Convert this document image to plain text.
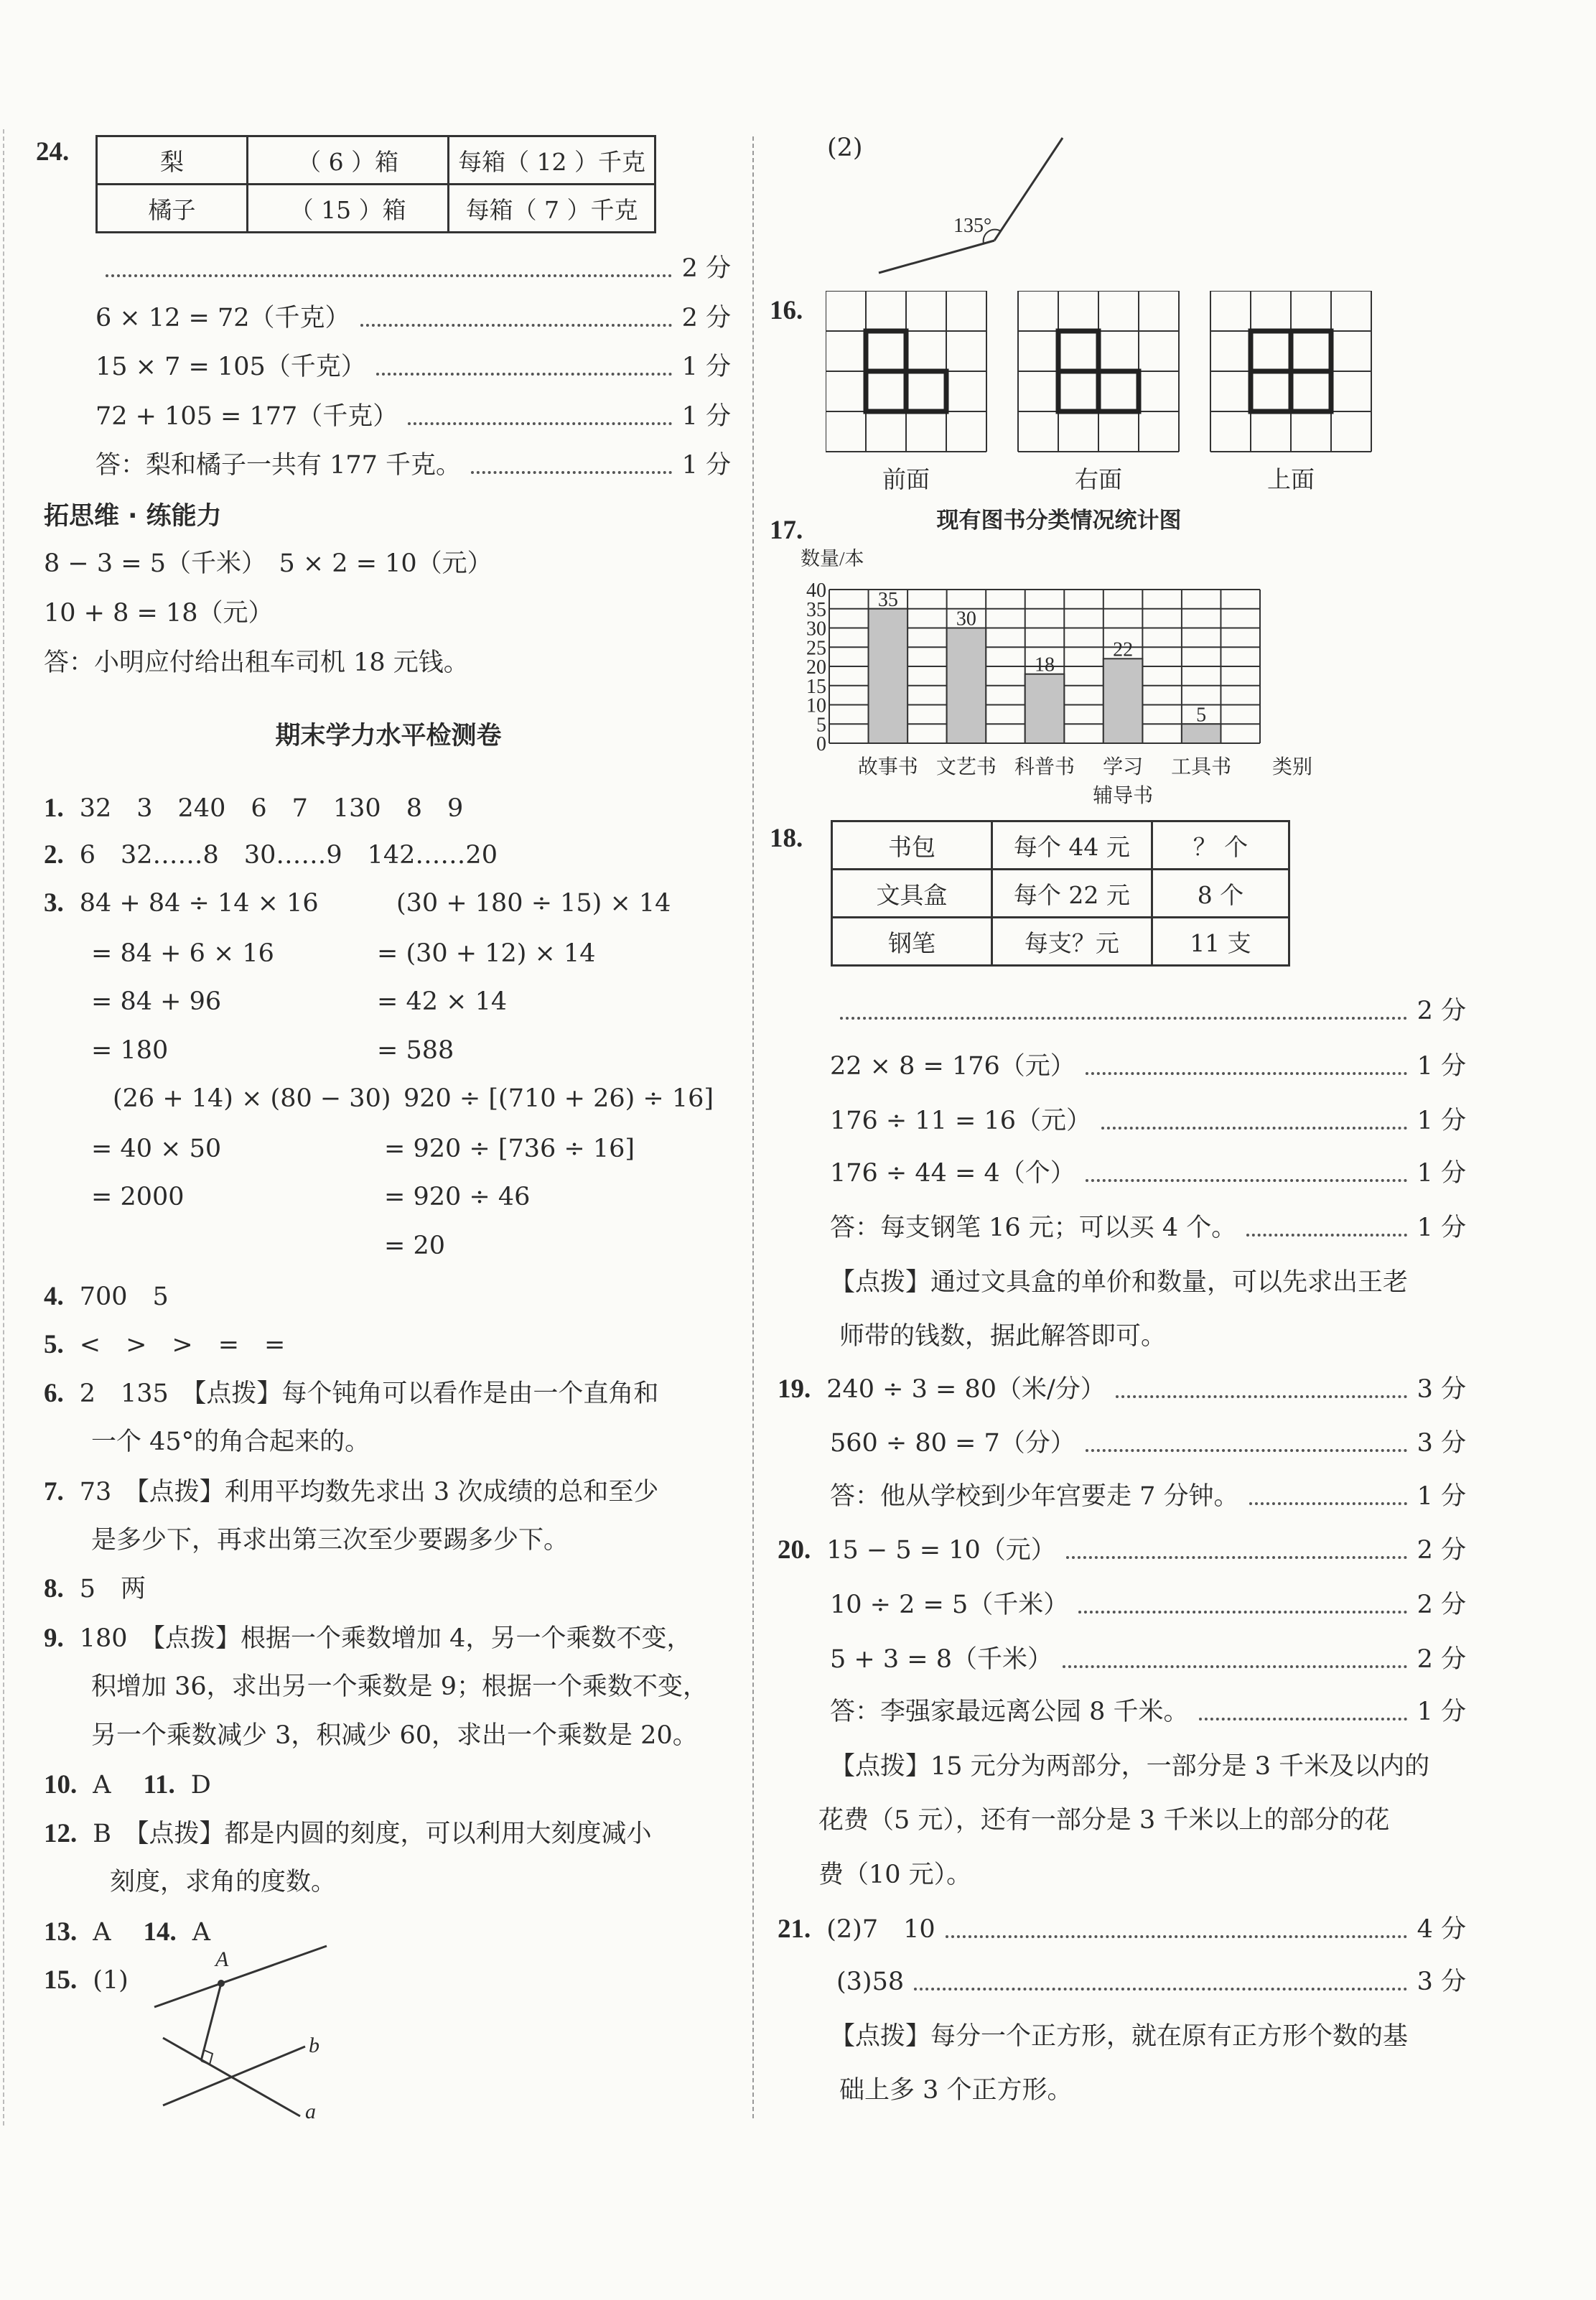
24.	梨	（ 6 ）箱	每箱（ 12 ）千克
橘子	（ 15 ）箱	每箱（ 7 ）千克
期末学力水平检测卷
A
b
a
(2)
135°
16.
前面	右面	上面
17.	现有图书分类情况统计图
数量/本
0
5
10
15
20
25
30
35
40	35
故事书
30
文艺书
18
科普书
22
学习
辅导书
5
工具书 类别
18.	书包	每个 44 元	？ 个
文具盒	每个 22 元	8 个
钢笔	每支？元	11 支
2 分
6 × 12 = 72（千克）	2 分
15 × 7 = 105（千克）	1 分
72 + 105 = 177（千克）	1 分
答：梨和橘子一共有 177 千克。	1 分
拓思维 · 练能力
8 − 3 = 5（千米）　5 × 2 = 10（元）
10 + 8 = 18（元）
答：小明应付给出租车司机 18 元钱。
1. 32　3　240　6　7　130　8　9
2. 6　32……8　30……9　142……20
3. 84 + 84 ÷ 14 × 16	(30 + 180 ÷ 15) × 14
= 84 + 6 × 16	= (30 + 12) × 14
= 84 + 96	= 42 × 14
= 180	= 588
(26 + 14) × (80 − 30) 920 ÷ [(710 + 26) ÷ 16]
= 40 × 50	= 920 ÷ [736 ÷ 16]
= 2000	= 920 ÷ 46
= 20
4. 700　5
5. <　>　>　=　=
6. 2　135　【点拨】每个钝角可以看作是由一个直角和
一个 45°的角合起来的。
7. 73　【点拨】利用平均数先求出 3 次成绩的总和至少
是多少下，再求出第三次至少要踢多少下。
8. 5　两
9. 180　【点拨】根据一个乘数增加 4，另一个乘数不变，
积增加 36，求出另一个乘数是 9；根据一个乘数不变，
另一个乘数减少 3，积减少 60，求出一个乘数是 20。
10. A　 11. D
12. B　【点拨】都是内圆的刻度，可以利用大刻度减小
刻度，求角的度数。
13. A　 14. A
15. (1)
2 分
22 × 8 = 176（元）	1 分
176 ÷ 11 = 16（元）	1 分
176 ÷ 44 = 4（个）	1 分
答：每支钢笔 16 元；可以买 4 个。	1 分
【点拨】通过文具盒的单价和数量，可以先求出王老
师带的钱数，据此解答即可。
19. 240 ÷ 3 = 80（米/分）	3 分
560 ÷ 80 = 7（分）	3 分
答：他从学校到少年宫要走 7 分钟。	1 分
20. 15 − 5 = 10（元）	2 分
10 ÷ 2 = 5（千米）	2 分
5 + 3 = 8（千米）	2 分
答：李强家最远离公园 8 千米。	1 分
【点拨】15 元分为两部分，一部分是 3 千米及以内的
花费（5 元），还有一部分是 3 千米以上的部分的花
费（10 元）。
21. (2)7　10	4 分
(3)58	3 分
【点拨】每分一个正方形，就在原有正方形个数的基
础上多 3 个正方形。
